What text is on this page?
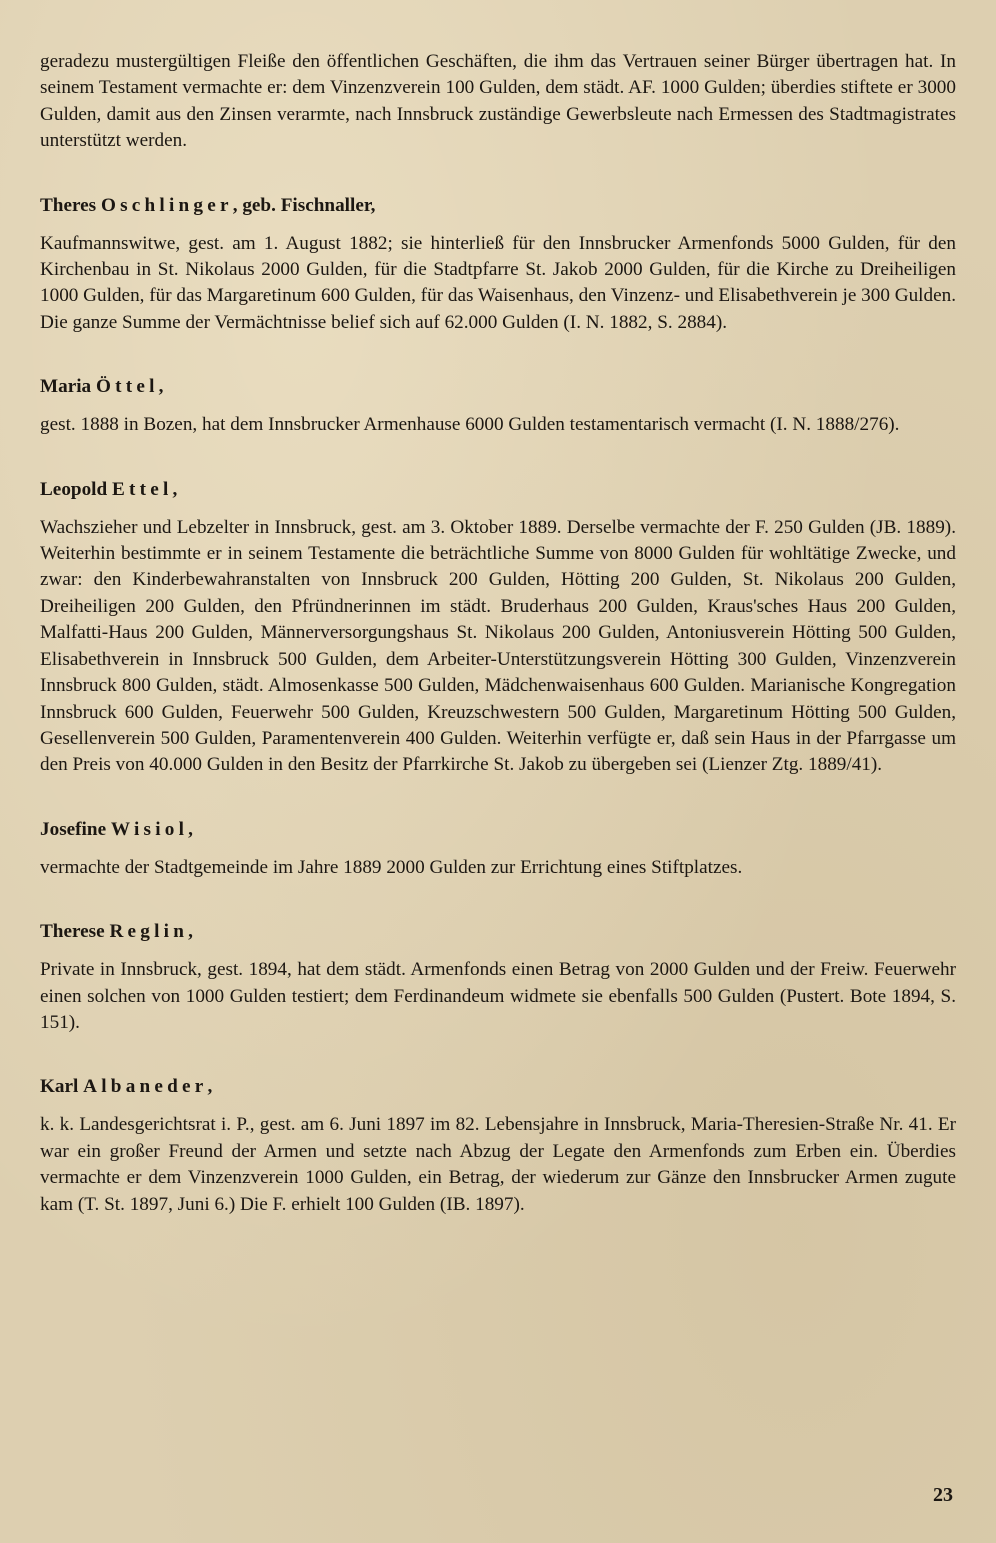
geradezu mustergültigen Fleiße den öffentlichen Geschäften, die ihm das Vertrauen seiner Bürger übertragen hat. In seinem Testament vermachte er: dem Vinzenzverein 100 Gulden, dem städt. AF. 1000 Gulden; überdies stiftete er 3000 Gulden, damit aus den Zinsen verarmte, nach Innsbruck zuständige Gewerbsleute nach Ermessen des Stadtmagistrates unterstützt werden.

Theres Oschlinger, geb. Fischnaller,

Kaufmannswitwe, gest. am 1. August 1882; sie hinterließ für den Innsbrucker Armenfonds 5000 Gulden, für den Kirchenbau in St. Nikolaus 2000 Gulden, für die Stadtpfarre St. Jakob 2000 Gulden, für die Kirche zu Dreiheiligen 1000 Gulden, für das Margaretinum 600 Gulden, für das Waisenhaus, den Vinzenz- und Elisabethverein je 300 Gulden. Die ganze Summe der Vermächtnisse belief sich auf 62.000 Gulden (I. N. 1882, S. 2884).

Maria Öttel,

gest. 1888 in Bozen, hat dem Innsbrucker Armenhause 6000 Gulden testamentarisch vermacht (I. N. 1888/276).

Leopold Ettel,

Wachszieher und Lebzelter in Innsbruck, gest. am 3. Oktober 1889. Derselbe vermachte der F. 250 Gulden (JB. 1889). Weiterhin bestimmte er in seinem Testamente die beträchtliche Summe von 8000 Gulden für wohltätige Zwecke, und zwar: den Kinderbewahranstalten von Innsbruck 200 Gulden, Hötting 200 Gulden, St. Nikolaus 200 Gulden, Dreiheiligen 200 Gulden, den Pfründnerinnen im städt. Bruderhaus 200 Gulden, Kraus'sches Haus 200 Gulden, Malfatti-Haus 200 Gulden, Männerversorgungshaus St. Nikolaus 200 Gulden, Antoniusverein Hötting 500 Gulden, Elisabethverein in Innsbruck 500 Gulden, dem Arbeiter-Unterstützungsverein Hötting 300 Gulden, Vinzenzverein Innsbruck 800 Gulden, städt. Almosenkasse 500 Gulden, Mädchenwaisenhaus 600 Gulden. Marianische Kongregation Innsbruck 600 Gulden, Feuerwehr 500 Gulden, Kreuzschwestern 500 Gulden, Margaretinum Hötting 500 Gulden, Gesellenverein 500 Gulden, Paramentenverein 400 Gulden. Weiterhin verfügte er, daß sein Haus in der Pfarrgasse um den Preis von 40.000 Gulden in den Besitz der Pfarrkirche St. Jakob zu übergeben sei (Lienzer Ztg. 1889/41).

Josefine Wisiol,

vermachte der Stadtgemeinde im Jahre 1889 2000 Gulden zur Errichtung eines Stiftplatzes.

Therese Reglin,

Private in Innsbruck, gest. 1894, hat dem städt. Armenfonds einen Betrag von 2000 Gulden und der Freiw. Feuerwehr einen solchen von 1000 Gulden testiert; dem Ferdinandeum widmete sie ebenfalls 500 Gulden (Pustert. Bote 1894, S. 151).

Karl Albaneder,

k. k. Landesgerichtsrat i. P., gest. am 6. Juni 1897 im 82. Lebensjahre in Innsbruck, Maria-Theresien-Straße Nr. 41. Er war ein großer Freund der Armen und setzte nach Abzug der Legate den Armenfonds zum Erben ein. Überdies vermachte er dem Vinzenzverein 1000 Gulden, ein Betrag, der wiederum zur Gänze den Innsbrucker Armen zugute kam (T. St. 1897, Juni 6.) Die F. erhielt 100 Gulden (IB. 1897).

23
